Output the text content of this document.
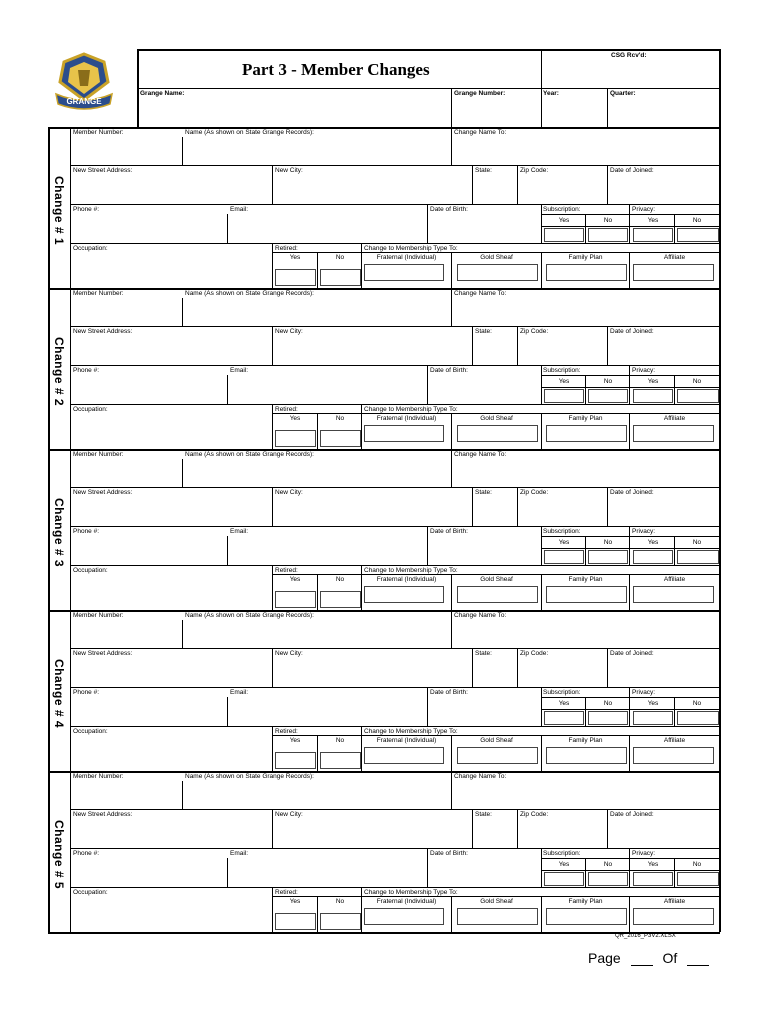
GRANGE
Part 3 - Member Changes
CSG Rcv'd:
Grange Name:	Grange Number:	Year:	Quarter:
Change # 1
Member Number:	Name (As shown on State Grange Records):	Change Name To:
New Street Address:	New City:	State:	Zip Code:	Date of Joined:
Phone #:	Email:	Date of Birth:	Subscription:	Privacy:
Yes	No	Yes	No
Occupation:	Retired:	Change to Membership Type To:
Yes	No	Fraternal (Individual)	Gold Sheaf	Family Plan	Affiliate
Change # 2
Member Number:	Name (As shown on State Grange Records):	Change Name To:
New Street Address:	New City:	State:	Zip Code:	Date of Joined:
Phone #:	Email:	Date of Birth:	Subscription:	Privacy:
Yes	No	Yes	No
Occupation:	Retired:	Change to Membership Type To:
Yes	No	Fraternal (Individual)	Gold Sheaf	Family Plan	Affiliate
Change # 3
Member Number:	Name (As shown on State Grange Records):	Change Name To:
New Street Address:	New City:	State:	Zip Code:	Date of Joined:
Phone #:	Email:	Date of Birth:	Subscription:	Privacy:
Yes	No	Yes	No
Occupation:	Retired:	Change to Membership Type To:
Yes	No	Fraternal (Individual)	Gold Sheaf	Family Plan	Affiliate
Change # 4
Member Number:	Name (As shown on State Grange Records):	Change Name To:
New Street Address:	New City:	State:	Zip Code:	Date of Joined:
Phone #:	Email:	Date of Birth:	Subscription:	Privacy:
Yes	No	Yes	No
Occupation:	Retired:	Change to Membership Type To:
Yes	No	Fraternal (Individual)	Gold Sheaf	Family Plan	Affiliate
Change # 5
Member Number:	Name (As shown on State Grange Records):	Change Name To:
New Street Address:	New City:	State:	Zip Code:	Date of Joined:
Phone #:	Email:	Date of Birth:	Subscription:	Privacy:
Yes	No	Yes	No
Occupation:	Retired:	Change to Membership Type To:
Yes	No	Fraternal (Individual)	Gold Sheaf	Family Plan	Affiliate
QR_2016_P3V2.XLSX
Page	Of
